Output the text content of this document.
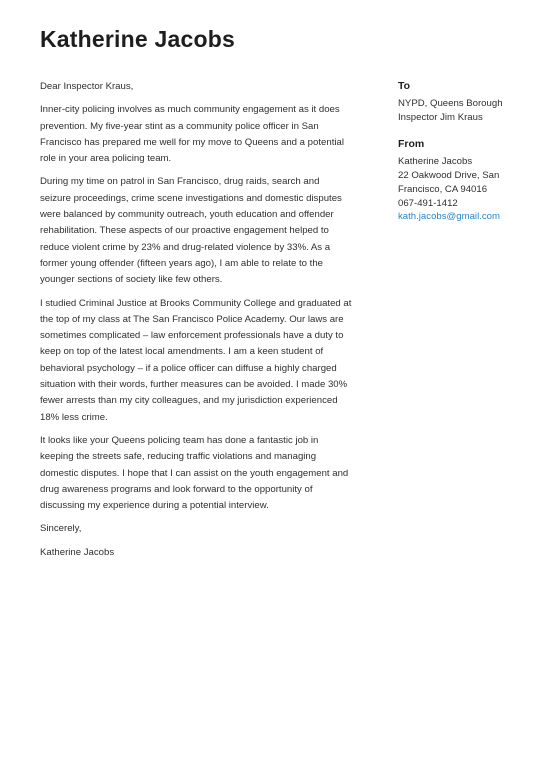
Katherine Jacobs

Dear Inspector Kraus,

Inner-city policing involves as much community engagement as it does prevention. My five-year stint as a community police officer in San Francisco has prepared me well for my move to Queens and a potential role in your area policing team.

During my time on patrol in San Francisco, drug raids, search and seizure proceedings, crime scene investigations and domestic disputes were balanced by community outreach, youth education and offender rehabilitation. These aspects of our proactive engagement helped to reduce violent crime by 23% and drug-related violence by 33%. As a former young offender (fifteen years ago), I am able to relate to the younger sections of society like few others.

I studied Criminal Justice at Brooks Community College and graduated at the top of my class at The San Francisco Police Academy. Our laws are sometimes complicated – law enforcement professionals have a duty to keep on top of the latest local amendments. I am a keen student of behavioral psychology – if a police officer can diffuse a highly charged situation with their words, further measures can be avoided. I made 30% fewer arrests than my city colleagues, and my jurisdiction experienced 18% less crime.

It looks like your Queens policing team has done a fantastic job in keeping the streets safe, reducing traffic violations and managing domestic disputes. I hope that I can assist on the youth engagement and drug awareness programs and look forward to the opportunity of discussing my experience during a potential interview.

Sincerely,

Katherine Jacobs

To
NYPD, Queens Borough
Inspector Jim Kraus
From
Katherine Jacobs
22 Oakwood Drive, San Francisco, CA 94016
067-491-1412
kath.jacobs@gmail.com
